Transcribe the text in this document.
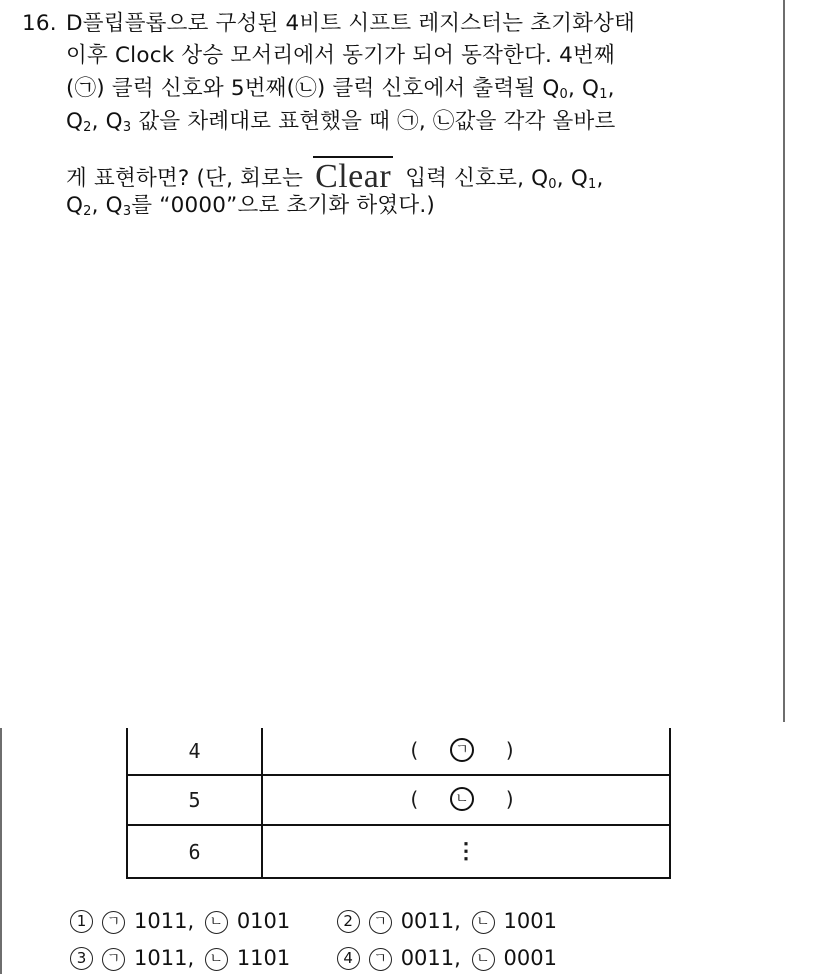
16. D플립플롭으로 구성된 4비트 시프트 레지스터는 초기화상태
이후 Clock 상승 모서리에서 동기가 되어 동작한다. 4번째
(㉠) 클럭 신호와 5번째(㉡) 클럭 신호에서 출력될 $Q_0$, $Q_1$,
$Q_2$, $Q_3$ 값을 차례대로 표현했을 때 ㉠, ㉡값을 각각 올바르
게 표현하면? (단, 회로는 Clear 입력 신호로, $Q_0$, $Q_1$,
$Q_2$, $Q_3$를 “0000”으로 초기화 하였다.)
4	( ㄱ )
5	( ㄴ )
6	⋮
1 ㄱ 1011, ㄴ 0101	2 ㄱ 0011, ㄴ 1001
3 ㄱ 1011, ㄴ 1101	4 ㄱ 0011, ㄴ 0001
